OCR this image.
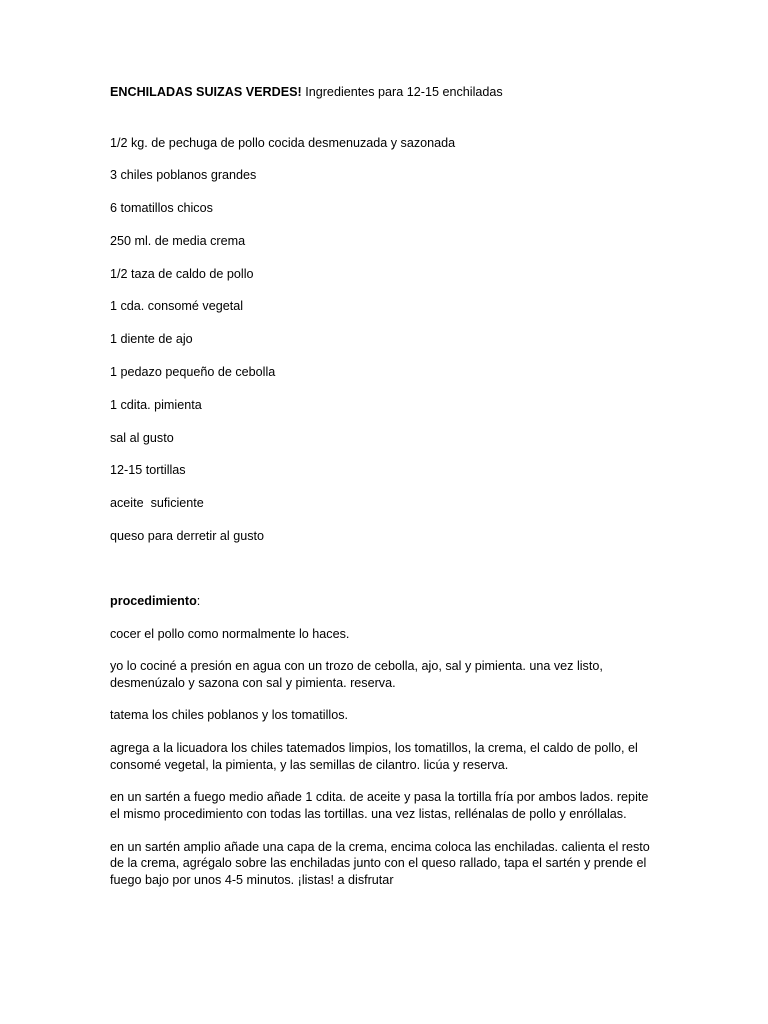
ENCHILADAS SUIZAS VERDES! Ingredientes para 12-15 enchiladas

1/2 kg. de pechuga de pollo cocida desmenuzada y sazonada
3 chiles poblanos grandes
6 tomatillos chicos
250 ml. de media crema
1/2 taza de caldo de pollo
1 cda. consomé vegetal
1 diente de ajo
1 pedazo pequeño de cebolla
1 cdita. pimienta
sal al gusto
12-15 tortillas
aceite  suficiente
queso para derretir al gusto

procedimiento:

cocer el pollo como normalmente lo haces.

yo lo cociné a presión en agua con un trozo de cebolla, ajo, sal y pimienta. una vez listo, desmenúzalo y sazona con sal y pimienta. reserva.

tatema los chiles poblanos y los tomatillos.

agrega a la licuadora los chiles tatemados limpios, los tomatillos, la crema, el caldo de pollo, el consomé vegetal, la pimienta, y las semillas de cilantro. licúa y reserva.

en un sartén a fuego medio añade 1 cdita. de aceite y pasa la tortilla fría por ambos lados. repite el mismo procedimiento con todas las tortillas. una vez listas, rellénalas de pollo y enróllalas.

en un sartén amplio añade una capa de la crema, encima coloca las enchiladas. calienta el resto de la crema, agrégalo sobre las enchiladas junto con el queso rallado, tapa el sartén y prende el fuego bajo por unos 4-5 minutos. ¡listas! a disfrutar
